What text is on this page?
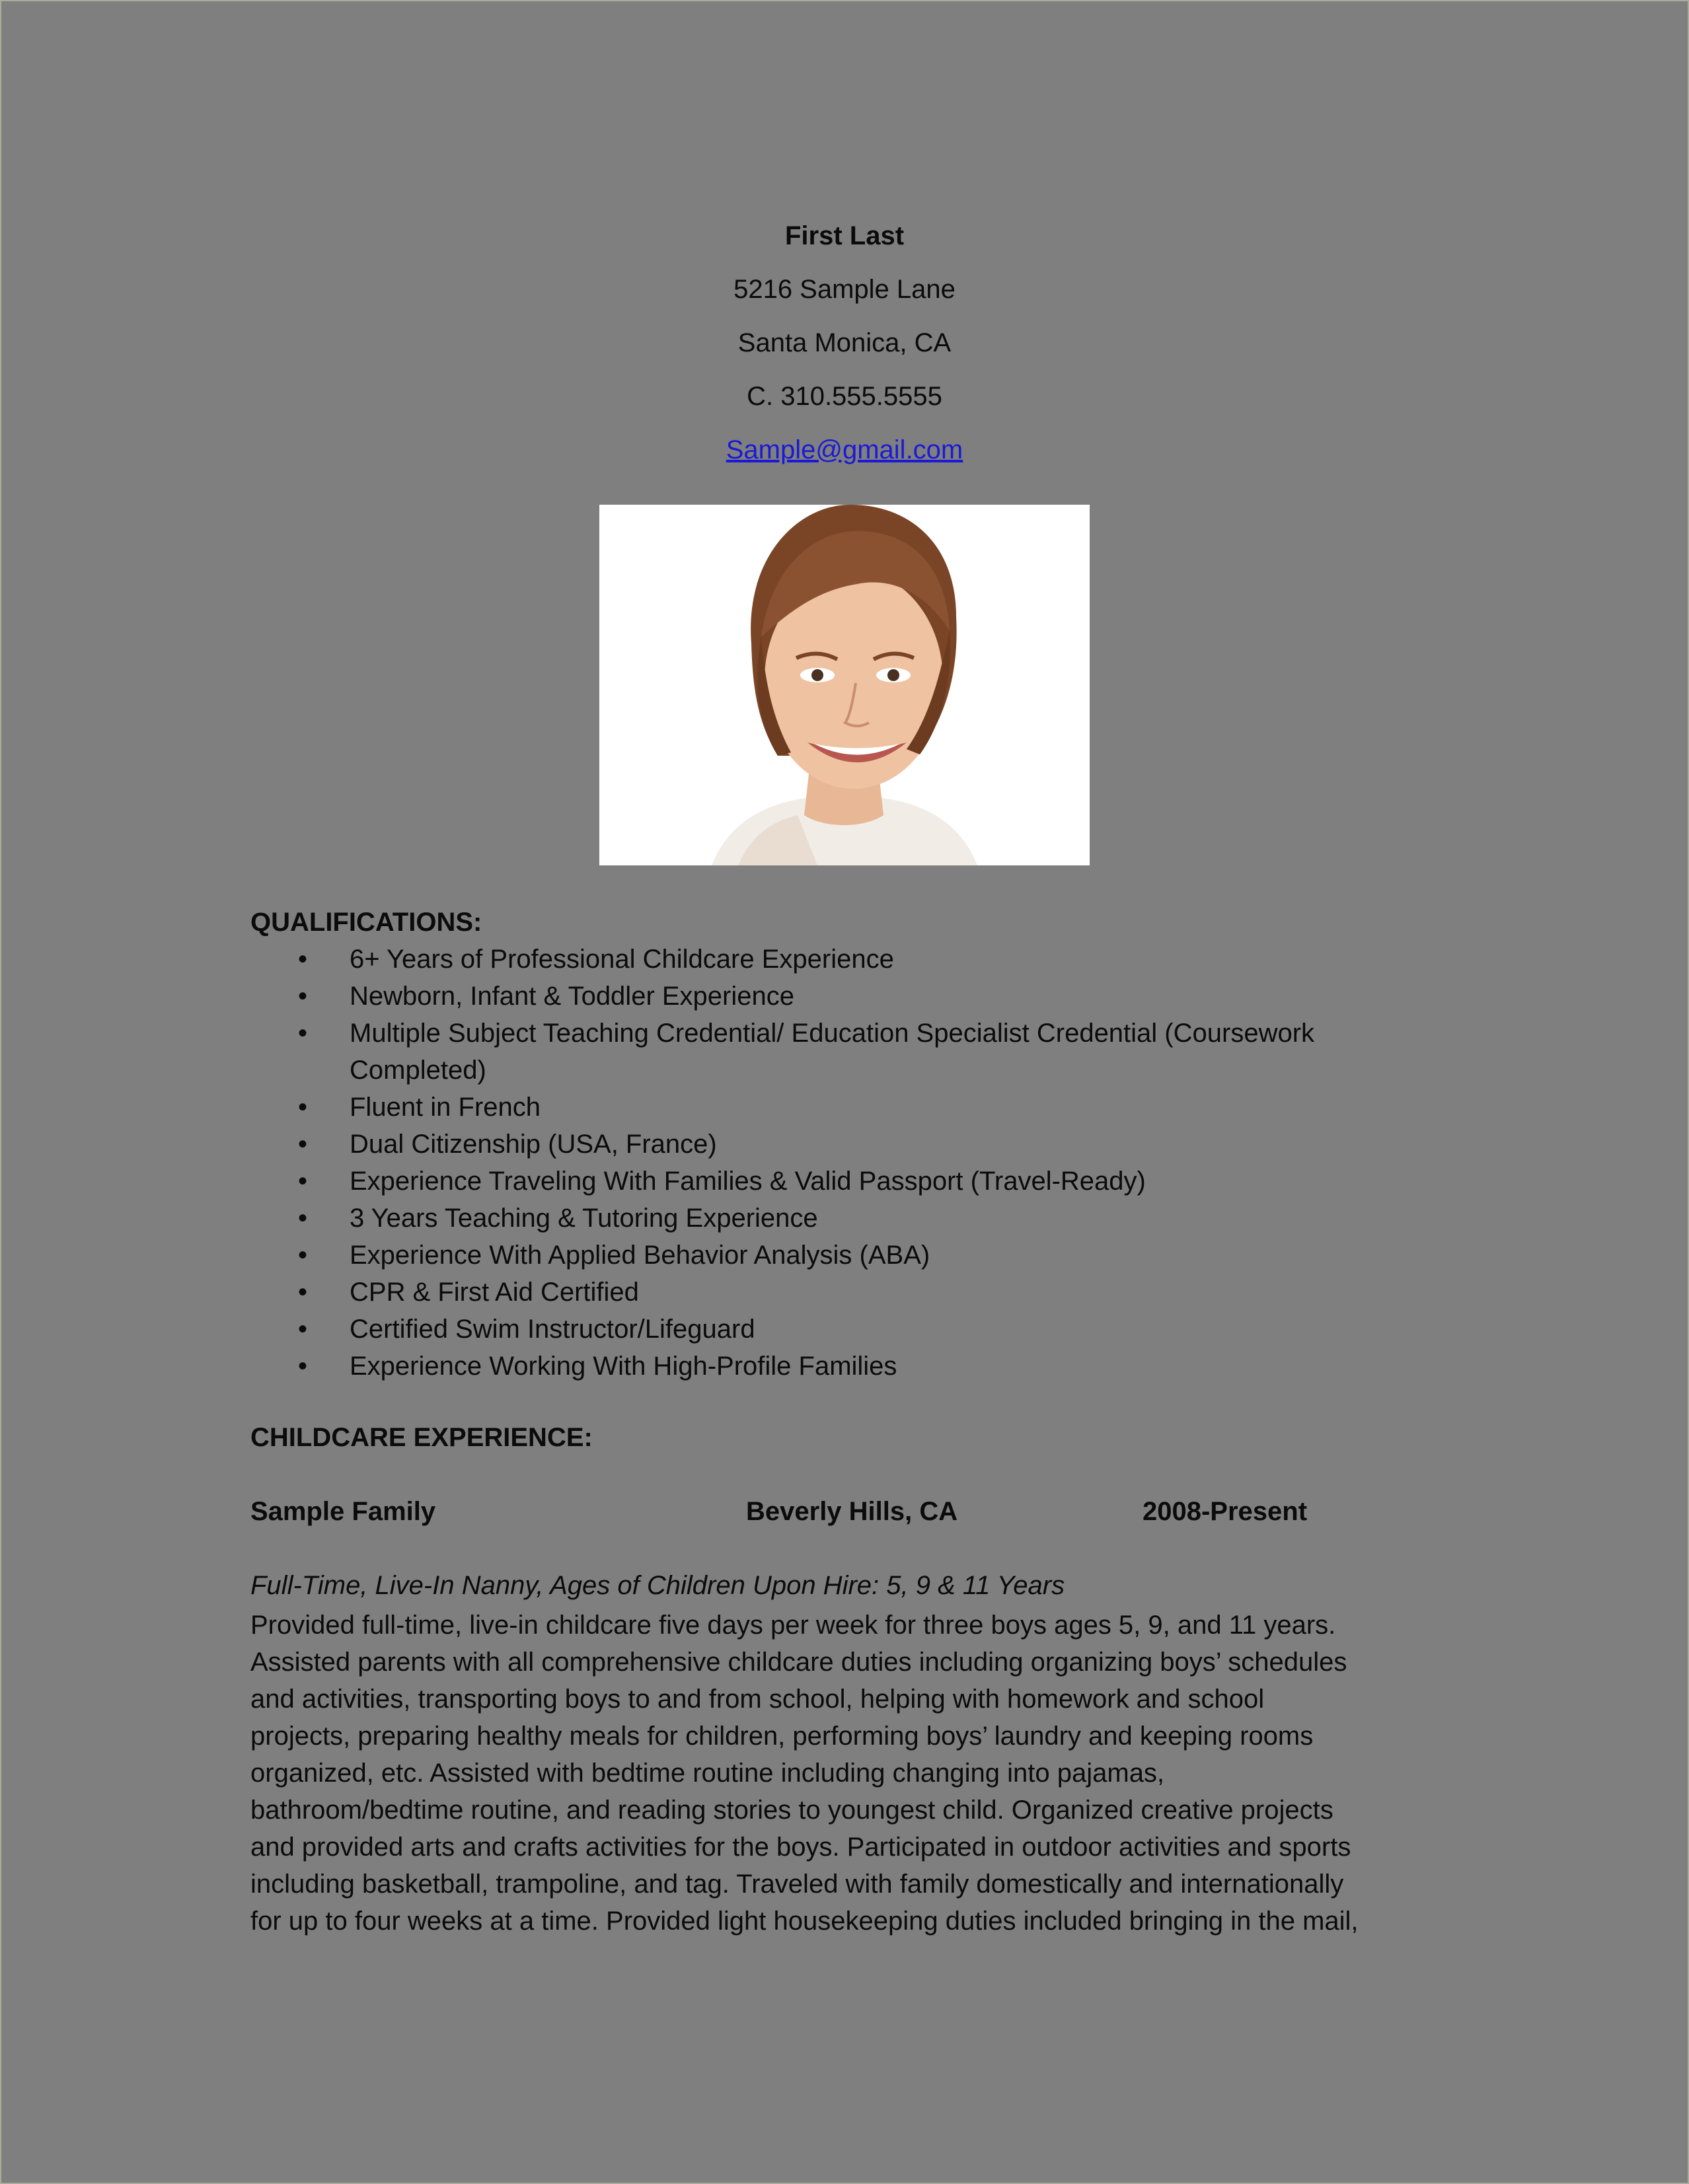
First Last
5216 Sample Lane
Santa Monica, CA
C. 310.555.5555
Sample@gmail.com
QUALIFICATIONS:
• 6+ Years of Professional Childcare Experience
• Newborn, Infant & Toddler Experience
• Multiple Subject Teaching Credential/ Education Specialist Credential (Coursework
Completed)
• Fluent in French
• Dual Citizenship (USA, France)
• Experience Traveling With Families & Valid Passport (Travel-Ready)
• 3 Years Teaching & Tutoring Experience
• Experience With Applied Behavior Analysis (ABA)
• CPR & First Aid Certified
• Certified Swim Instructor/Lifeguard
• Experience Working With High-Profile Families
CHILDCARE EXPERIENCE:
Sample Family	Beverly Hills, CA	2008-Present
Full-Time, Live-In Nanny, Ages of Children Upon Hire: 5, 9 & 11 Years
Provided full-time, live-in childcare five days per week for three boys ages 5, 9, and 11 years.
Assisted parents with all comprehensive childcare duties including organizing boys’ schedules
and activities, transporting boys to and from school, helping with homework and school
projects, preparing healthy meals for children, performing boys’ laundry and keeping rooms
organized, etc. Assisted with bedtime routine including changing into pajamas,
bathroom/bedtime routine, and reading stories to youngest child. Organized creative projects
and provided arts and crafts activities for the boys. Participated in outdoor activities and sports
including basketball, trampoline, and tag. Traveled with family domestically and internationally
for up to four weeks at a time. Provided light housekeeping duties included bringing in the mail,
